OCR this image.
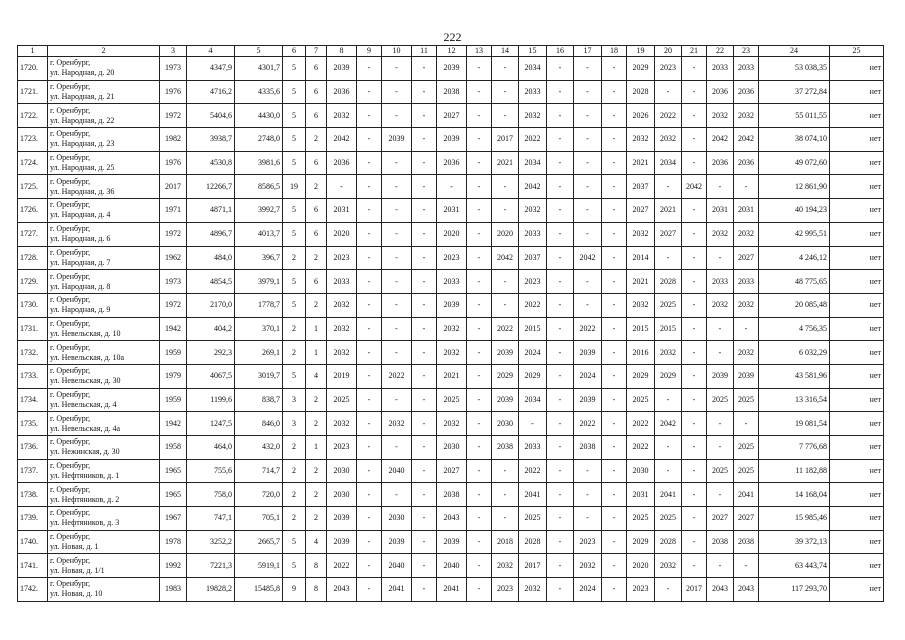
222
1	2	3	4	5	6	7	8	9	10	11	12	13	14	15	16	17	18	19	20	21	22	23	24	25
1720.	г. Оренбург,
ул. Народная, д. 20	1973	4347,9	4301,7	5	6	2039	-	-	-	2039	-	-	2034	-	-	-	2029	2023	-	2033	2033	53 038,35	нет
1721.	г. Оренбург,
ул. Народная, д. 21	1976	4716,2	4335,6	5	6	2036	-	-	-	2038	-	-	2033	-	-	-	2028	-	-	2036	2036	37 272,84	нет
1722.	г. Оренбург,
ул. Народная, д. 22	1972	5404,6	4430,0	5	6	2032	-	-	-	2027	-	-	2032	-	-	-	2026	2022	-	2032	2032	55 011,55	нет
1723.	г. Оренбург,
ул. Народная, д. 23	1982	3938,7	2748,0	5	2	2042	-	2039	-	2039	-	2017	2022	-	-	-	2032	2032	-	2042	2042	38 074,10	нет
1724.	г. Оренбург,
ул. Народная, д. 25	1976	4530,8	3981,6	5	6	2036	-	-	-	2036	-	2021	2034	-	-	-	2021	2034	-	2036	2036	49 072,60	нет
1725.	г. Оренбург,
ул. Народная, д. 36	2017	12266,7	8586,5	19	2	-	-	-	-	-	-	-	2042	-	-	-	2037	-	2042	-	-	12 861,90	нет
1726.	г. Оренбург,
ул. Народная, д. 4	1971	4871,1	3992,7	5	6	2031	-	-	-	2031	-	-	2032	-	-	-	2027	2021	-	2031	2031	40 194,23	нет
1727.	г. Оренбург,
ул. Народная, д. 6	1972	4896,7	4013,7	5	6	2020	-	-	-	2020	-	2020	2033	-	-	-	2032	2027	-	2032	2032	42 995,51	нет
1728.	г. Оренбург,
ул. Народная, д. 7	1962	484,0	396,7	2	2	2023	-	-	-	2023	-	2042	2037	-	2042	-	2014	-	-	-	2027	4 246,12	нет
1729.	г. Оренбург,
ул. Народная, д. 8	1973	4854,5	3979,1	5	6	2033	-	-	-	2033	-	-	2023	-	-	-	2021	2028	-	2033	2033	48 775,65	нет
1730.	г. Оренбург,
ул. Народная, д. 9	1972	2170,0	1778,7	5	2	2032	-	-	-	2039	-	-	2022	-	-	-	2032	2025	-	2032	2032	20 085,48	нет
1731.	г. Оренбург,
ул. Невельская, д. 10	1942	404,2	370,1	2	1	2032	-	-	-	2032	-	2022	2015	-	2022	-	2015	2015	-	-	-	4 756,35	нет
1732.	г. Оренбург,
ул. Невельская, д. 10а	1959	292,3	269,1	2	1	2032	-	-	-	2032	-	2039	2024	-	2039	-	2016	2032	-	-	2032	6 032,29	нет
1733.	г. Оренбург,
ул. Невельская, д. 30	1979	4067,5	3019,7	5	4	2019	-	2022	-	2021	-	2029	2029	-	2024	-	2029	2029	-	2039	2039	43 581,96	нет
1734.	г. Оренбург,
ул. Невельская, д. 4	1959	1199,6	838,7	3	2	2025	-	-	-	2025	-	2039	2034	-	2039	-	2025	-	-	2025	2025	13 316,54	нет
1735.	г. Оренбург,
ул. Невельская, д. 4а	1942	1247,5	846,0	3	2	2032	-	2032	-	2032	-	2030	-	-	2022	-	2022	2042	-	-	-	19 081,54	нет
1736.	г. Оренбург,
ул. Нежинская, д. 30	1958	464,0	432,0	2	1	2023	-	-	-	2030	-	2038	2033	-	2038	-	2022	-	-	-	2025	7 776,68	нет
1737.	г. Оренбург,
ул. Нефтяников, д. 1	1965	755,6	714,7	2	2	2030	-	2040	-	2027	-	-	2022	-	-	-	2030	-	-	2025	2025	11 182,88	нет
1738.	г. Оренбург,
ул. Нефтяников, д. 2	1965	758,0	720,0	2	2	2030	-	-	-	2038	-	-	2041	-	-	-	2031	2041	-	-	2041	14 168,04	нет
1739.	г. Оренбург,
ул. Нефтяников, д. 3	1967	747,1	705,1	2	2	2039	-	2030	-	2043	-	-	2025	-	-	-	2025	2025	-	2027	2027	15 985,46	нет
1740.	г. Оренбург,
ул. Новая, д. 1	1978	3252,2	2665,7	5	4	2039	-	2039	-	2039	-	2018	2028	-	2023	-	2029	2028	-	2038	2038	39 372,13	нет
1741.	г. Оренбург,
ул. Новая, д. 1/1	1992	7221,3	5919,1	5	8	2022	-	2040	-	2040	-	2032	2017	-	2032	-	2020	2032	-	-	-	63 443,74	нет
1742.	г. Оренбург,
ул. Новая, д. 10	1983	19828,2	15485,8	9	8	2043	-	2041	-	2041	-	2023	2032	-	2024	-	2023	-	2017	2043	2043	117 293,70	нет
